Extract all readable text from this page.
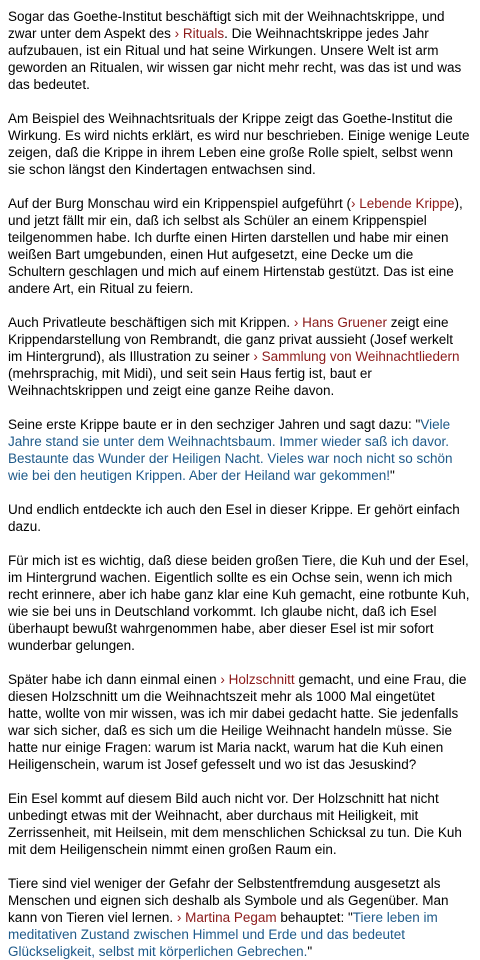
Sogar das Goethe-Institut beschäftigt sich mit der Weihnachtskrippe, und zwar unter dem Aspekt des › Rituals. Die Weihnachtskrippe jedes Jahr aufzubauen, ist ein Ritual und hat seine Wirkungen. Unsere Welt ist arm geworden an Ritualen, wir wissen gar nicht mehr recht, was das ist und was das bedeutet.

Am Beispiel des Weihnachtsrituals der Krippe zeigt das Goethe-Institut die Wirkung. Es wird nichts erklärt, es wird nur beschrieben. Einige wenige Leute zeigen, daß die Krippe in ihrem Leben eine große Rolle spielt, selbst wenn sie schon längst den Kindertagen entwachsen sind.

Auf der Burg Monschau wird ein Krippenspiel aufgeführt (› Lebende Krippe), und jetzt fällt mir ein, daß ich selbst als Schüler an einem Krippenspiel teilgenommen habe. Ich durfte einen Hirten darstellen und habe mir einen weißen Bart umgebunden, einen Hut aufgesetzt, eine Decke um die Schultern geschlagen und mich auf einem Hirtenstab gestützt. Das ist eine andere Art, ein Ritual zu feiern.

Auch Privatleute beschäftigen sich mit Krippen. › Hans Gruener zeigt eine Krippendarstellung von Rembrandt, die ganz privat aussieht (Josef werkelt im Hintergrund), als Illustration zu seiner › Sammlung von Weihnachtliedern (mehrsprachig, mit Midi), und seit sein Haus fertig ist, baut er Weihnachtskrippen und zeigt eine ganze Reihe davon.

Seine erste Krippe baute er in den sechziger Jahren und sagt dazu: "Viele Jahre stand sie unter dem Weihnachtsbaum. Immer wieder saß ich davor. Bestaunte das Wunder der Heiligen Nacht. Vieles war noch nicht so schön wie bei den heutigen Krippen. Aber der Heiland war gekommen!"

Und endlich entdeckte ich auch den Esel in dieser Krippe. Er gehört einfach dazu.

Für mich ist es wichtig, daß diese beiden großen Tiere, die Kuh und der Esel, im Hintergrund wachen. Eigentlich sollte es ein Ochse sein, wenn ich mich recht erinnere, aber ich habe ganz klar eine Kuh gemacht, eine rotbunte Kuh, wie sie bei uns in Deutschland vorkommt. Ich glaube nicht, daß ich Esel überhaupt bewußt wahrgenommen habe, aber dieser Esel ist mir sofort wunderbar gelungen.

Später habe ich dann einmal einen › Holzschnitt gemacht, und eine Frau, die diesen Holzschnitt um die Weihnachtszeit mehr als 1000 Mal eingetütet hatte, wollte von mir wissen, was ich mir dabei gedacht hatte. Sie jedenfalls war sich sicher, daß es sich um die Heilige Weihnacht handeln müsse. Sie hatte nur einige Fragen: warum ist Maria nackt, warum hat die Kuh einen Heiligenschein, warum ist Josef gefesselt und wo ist das Jesuskind?

Ein Esel kommt auf diesem Bild auch nicht vor. Der Holzschnitt hat nicht unbedingt etwas mit der Weihnacht, aber durchaus mit Heiligkeit, mit Zerrissenheit, mit Heilsein, mit dem menschlichen Schicksal zu tun. Die Kuh mit dem Heiligenschein nimmt einen großen Raum ein.

Tiere sind viel weniger der Gefahr der Selbstentfremdung ausgesetzt als Menschen und eignen sich deshalb als Symbole und als Gegenüber. Man kann von Tieren viel lernen. › Martina Pegam behauptet: "Tiere leben im meditativen Zustand zwischen Himmel und Erde und das bedeutet Glückseligkeit, selbst mit körperlichen Gebrechen."
